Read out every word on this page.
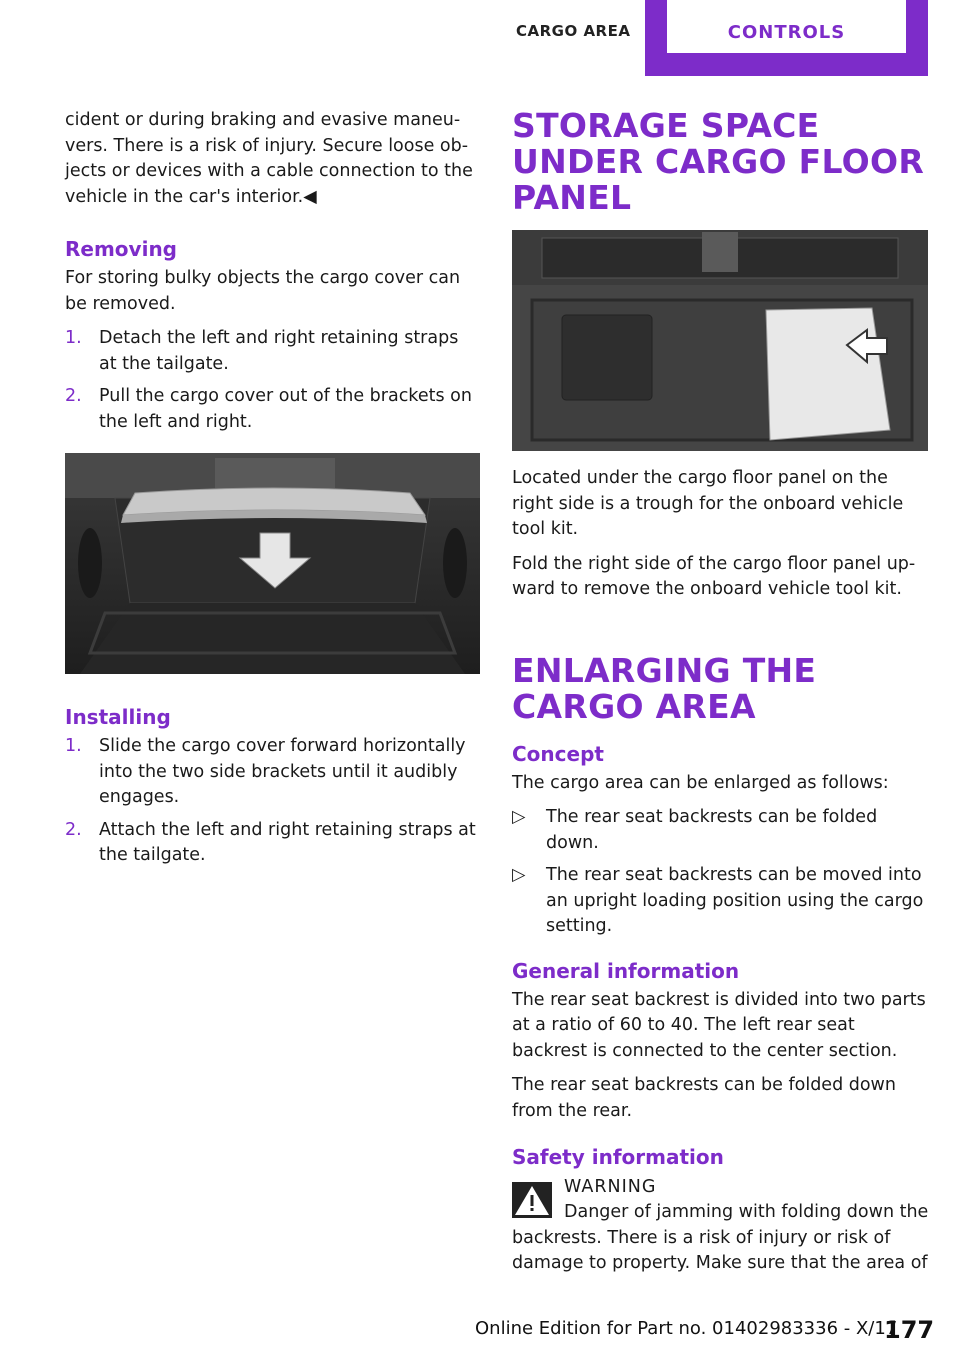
CARGO AREA	CONTROLS

cident or during braking and evasive maneu‐vers. There is a risk of injury. Secure loose ob‐jects or devices with a cable connection to the vehicle in the car's interior.◀

Removing

For storing bulky objects the cargo cover can be removed.

1. Detach the left and right retaining straps at the tailgate.
2. Pull the cargo cover out of the brackets on the left and right.
Installing
1. Slide the cargo cover forward horizontally into the two side brackets until it audibly engages.
2. Attach the left and right retaining straps at the tailgate.
STORAGE SPACE UNDER CARGO FLOOR PANEL

Located under the cargo floor panel on the right side is a trough for the onboard vehicle tool kit.

Fold the right side of the cargo floor panel up‐ward to remove the onboard vehicle tool kit.

ENLARGING THE CARGO AREA
Concept

The cargo area can be enlarged as follows:

▷ The rear seat backrests can be folded down.
▷ The rear seat backrests can be moved into an upright loading position using the cargo setting.
General information

The rear seat backrest is divided into two parts at a ratio of 60 to 40. The left rear seat backrest is connected to the center section.

The rear seat backrests can be folded down from the rear.

Safety information
WARNING

Danger of jamming with folding down the

backrests. There is a risk of injury or risk of damage to property. Make sure that the area of

Online Edition for Part no. 01402983336 - X/17
177
